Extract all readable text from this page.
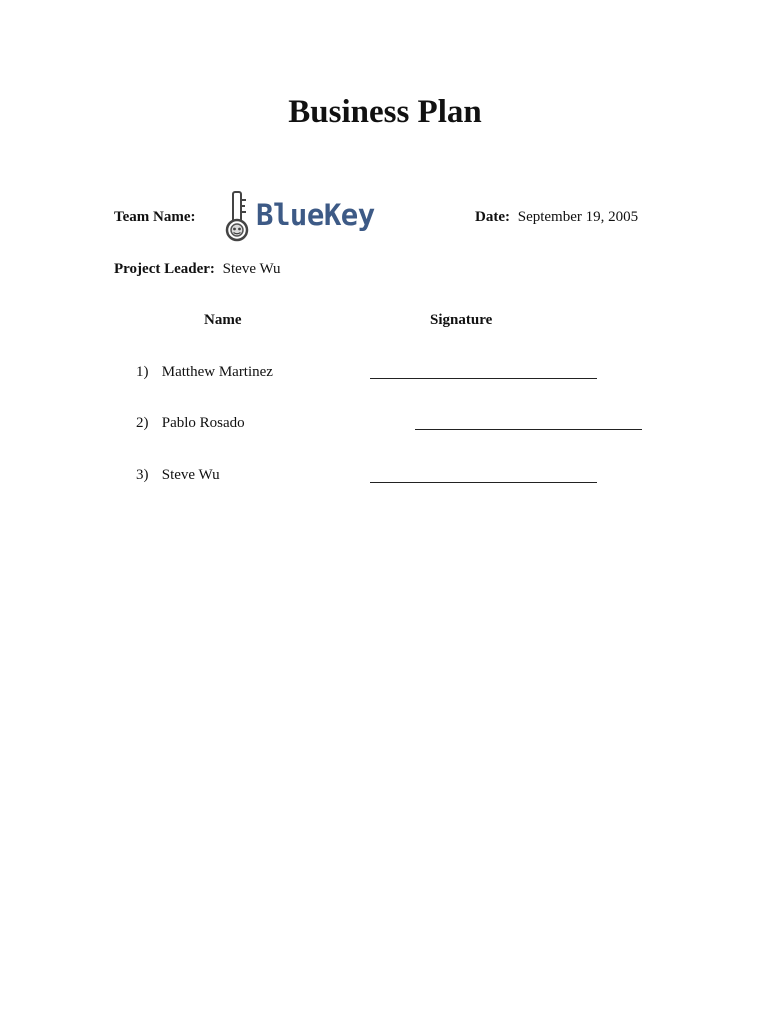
Business Plan
Team Name: BlueKey	Date: September 19, 2005
Project Leader: Steve Wu
Name	Signature
1) Matthew Martinez
2) Pablo Rosado
3) Steve Wu
